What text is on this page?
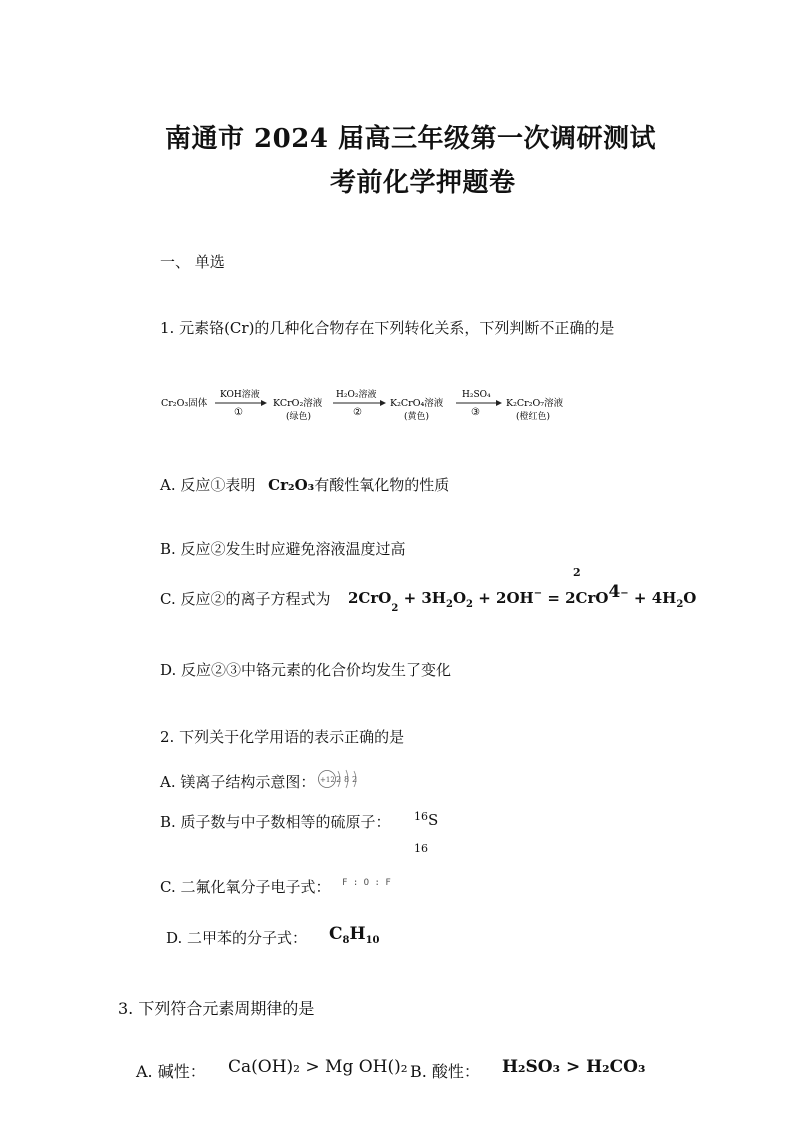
南通市 2024 届高三年级第一次调研测试
考前化学押题卷
一、 单选
1. 元素铬(Cr)的几种化合物存在下列转化关系，下列判断不正确的是
Cr₂O₃固体
KOH溶液
①
KCrO₂溶液
(绿色)
H₂O₂溶液
②
K₂CrO₄溶液
(黄色)
H₂SO₄
③
K₂Cr₂O₇溶液
(橙红色)
A. 反应①表明 Cr₂O₃有酸性氧化物的性质
B. 反应②发生时应避免溶液温度过高
C. 反应②的离子方程式为 $2CrO_2 + 3H_2O_2 + 2OH^- = 2CrO4^- + 4H_2O$
2
D. 反应②③中铬元素的化合价均发生了变化
2. 下列关于化学用语的表示正确的是
A. 镁离子结构示意图： +12 2 8 2
B. 质子数与中子数相等的硫原子： 16 S
16
C. 二氟化氧分子电子式： F : O : F
D. 二甲苯的分子式： $C_8H_{10}$
3. 下列符合元素周期律的是
A. 碱性： Ca(OH)₂ > Mg OH()₂ B. 酸性： H₂SO₃ > H₂CO₃
